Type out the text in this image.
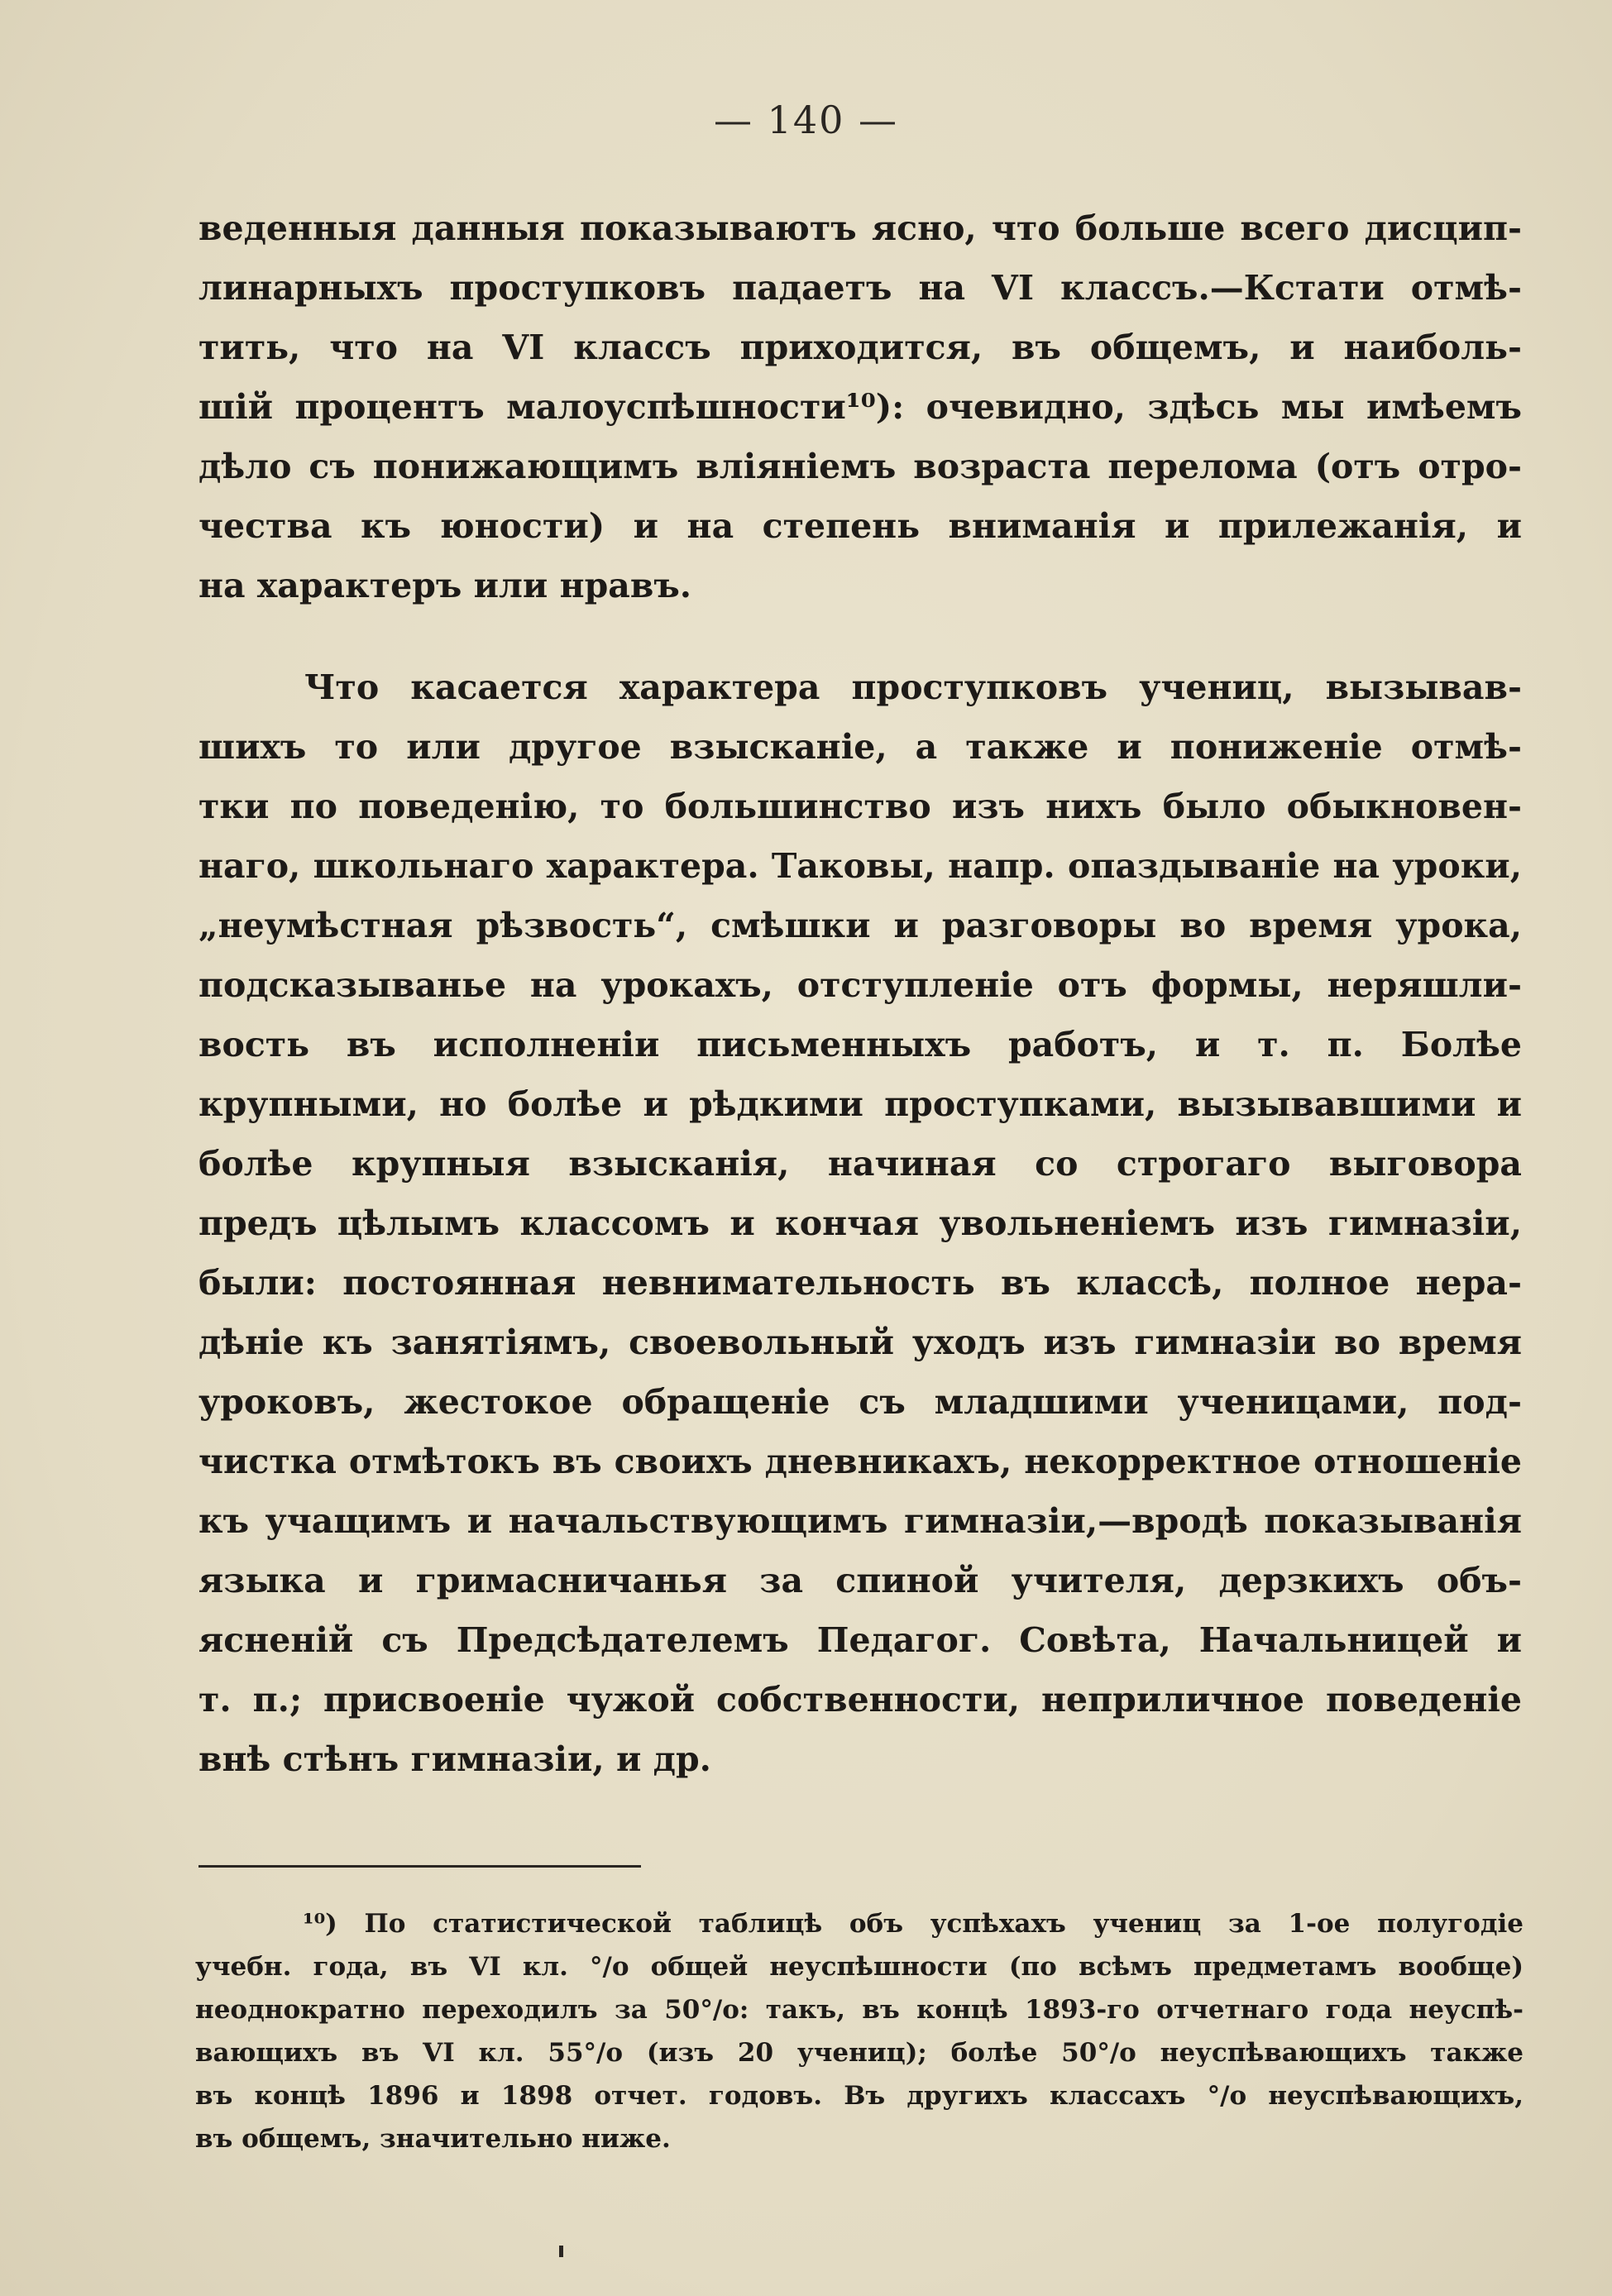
— 140 —
веденныя данныя показываютъ ясно, что больше всего дисцип-
линарныхъ проступковъ падаетъ на VI классъ.—Кстати отмѣ-
тить, что на VI классъ приходится, въ общемъ, и наиболь-
шій процентъ малоуспѣшности¹⁰): очевидно, здѣсь мы имѣемъ
дѣло съ понижающимъ вліяніемъ возраста перелома (отъ отро-
чества къ юности) и на степень вниманія и прилежанія, и
на характеръ или нравъ.
Что касается характера проступковъ учениц, вызывав-
шихъ то или другое взысканіе, а также и пониженіе отмѣ-
тки по поведенію, то большинство изъ нихъ было обыкновен-
наго, школьнаго характера. Таковы, напр. опаздываніе на уроки,
„неумѣстная рѣзвость“, смѣшки и разговоры во время урока,
подсказыванье на урокахъ, отступленіе отъ формы, неряшли-
вость въ исполненіи письменныхъ работъ, и т. п. Болѣе
крупными, но болѣе и рѣдкими проступками, вызывавшими и
болѣе крупныя взысканія, начиная со строгаго выговора
предъ цѣлымъ классомъ и кончая увольненіемъ изъ гимназіи,
были: постоянная невнимательность въ классѣ, полное нера-
дѣніе къ занятіямъ, своевольный уходъ изъ гимназіи во время
уроковъ, жестокое обращеніе съ младшими ученицами, под-
чистка отмѣтокъ въ своихъ дневникахъ, некорректное отношеніе
къ учащимъ и начальствующимъ гимназіи,—вродѣ показыванія
языка и гримасничанья за спиной учителя, дерзкихъ объ-
ясненій съ Предсѣдателемъ Педагог. Совѣта, Начальницей и
т. п.; присвоеніе чужой собственности, неприличное поведеніе
внѣ стѣнъ гимназіи, и др.
¹⁰) По статистической таблицѣ объ успѣхахъ учениц за 1-ое полугодіе
учебн. года, въ VI кл. °/о общей неуспѣшности (по всѣмъ предметамъ вообще)
неоднократно переходилъ за 50°/о: такъ, въ концѣ 1893-го отчетнаго года неуспѣ-
вающихъ въ VI кл. 55°/о (изъ 20 учениц); болѣе 50°/о неуспѣвающихъ также
въ концѣ 1896 и 1898 отчет. годовъ. Въ другихъ классахъ °/о неуспѣвающихъ,
въ общемъ, значительно ниже.
